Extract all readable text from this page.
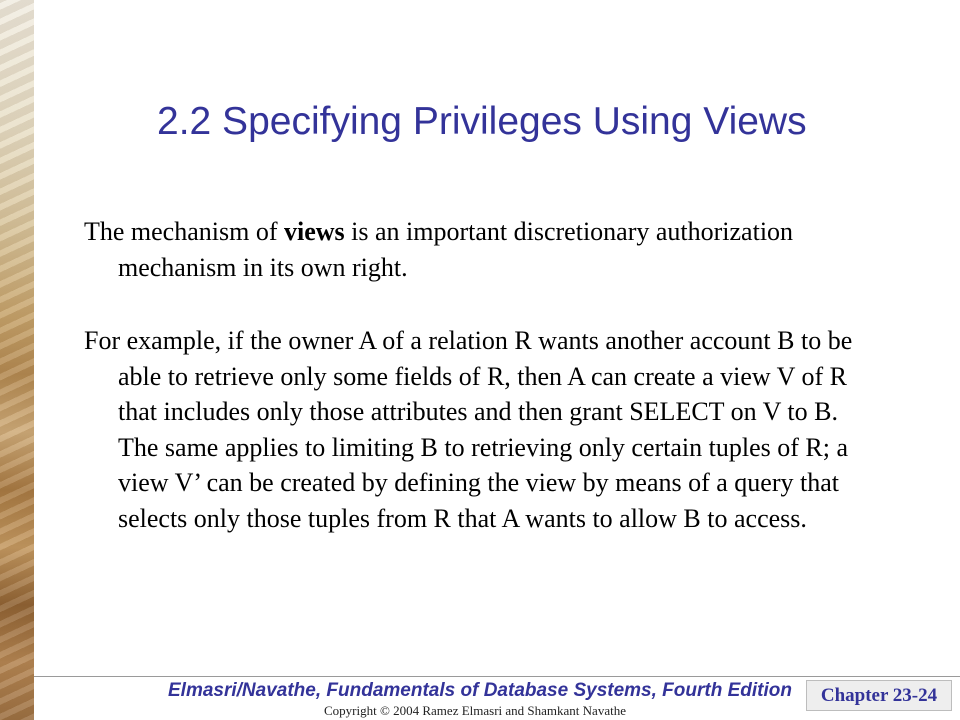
2.2 Specifying Privileges Using Views

The mechanism of views is an important discretionary authorization mechanism in its own right.

For example, if the owner A of a relation R wants another account B to be able to retrieve only some fields of R, then A can create a view V of R that includes only those attributes and then grant SELECT on V to B. The same applies to limiting B to retrieving only certain tuples of R; a view V’ can be created by defining the view by means of a query that selects only those tuples from R that A wants to allow B to access.

Elmasri/Navathe, Fundamentals of Database Systems, Fourth Edition
Copyright © 2004 Ramez Elmasri and Shamkant Navathe
Chapter 23-24
